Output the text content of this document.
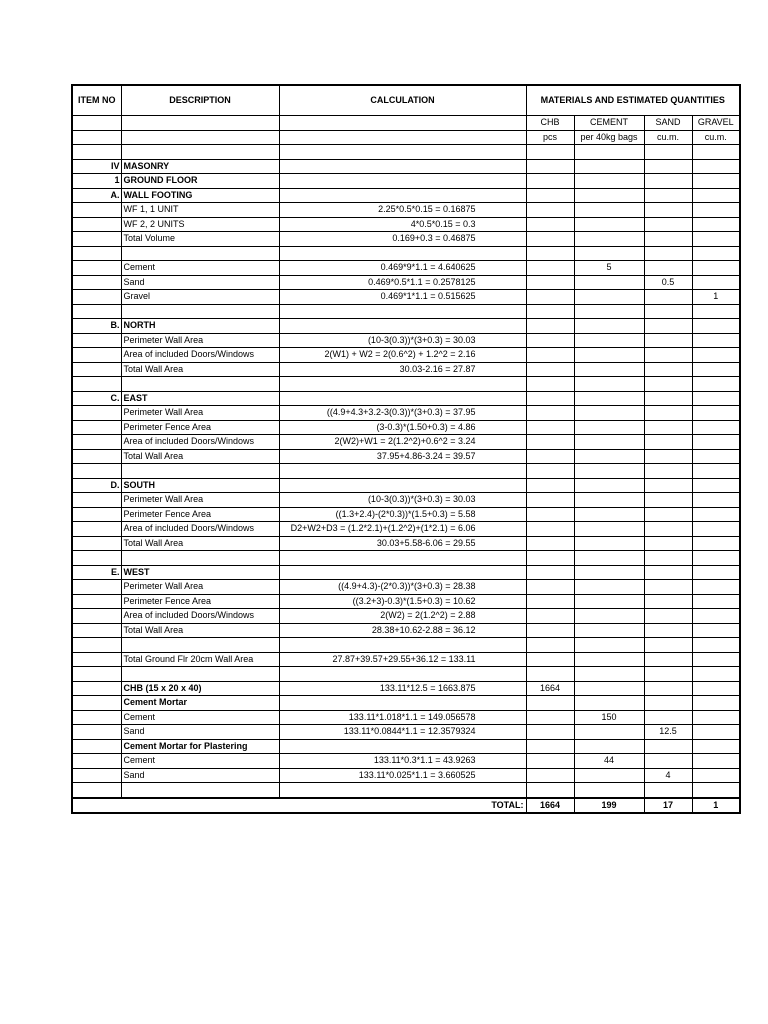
ITEM NO	DESCRIPTION	CALCULATION	MATERIALS AND ESTIMATED QUANTITIES			
			CHB	CEMENT	SAND	GRAVEL
			pcs	per 40kg bags	cu.m.	cu.m.

IV	MASONRY					
1	GROUND FLOOR					
A.	WALL FOOTING					
	WF 1, 1 UNIT	2.25*0.5*0.15 = 0.16875				
	WF 2, 2 UNITS	4*0.5*0.15 = 0.3				
	Total Volume	0.169+0.3 = 0.46875				

	Cement	0.469*9*1.1 = 4.640625		5		
	Sand	0.469*0.5*1.1 = 0.2578125			0.5	
	Gravel	0.469*1*1.1 = 0.515625				1

B.	NORTH					
	Perimeter Wall Area	(10-3(0.3))*(3+0.3) = 30.03				
	Area of included Doors/Windows	2(W1) + W2 = 2(0.6^2) + 1.2^2 = 2.16				
	Total Wall Area	30.03-2.16 = 27.87				

C.	EAST					
	Perimeter Wall Area	((4.9+4.3+3.2-3(0.3))*(3+0.3) = 37.95				
	Perimeter Fence Area	(3-0.3)*(1.50+0.3) = 4.86				
	Area of included Doors/Windows	2(W2)+W1 = 2(1.2^2)+0.6^2 = 3.24				
	Total Wall Area	37.95+4.86-3.24 = 39.57				

D.	SOUTH					
	Perimeter Wall Area	(10-3(0.3))*(3+0.3) = 30.03				
	Perimeter Fence Area	((1.3+2.4)-(2*0.3))*(1.5+0.3) = 5.58				
	Area of included Doors/Windows	D2+W2+D3 = (1.2*2.1)+(1.2^2)+(1*2.1) = 6.06				
	Total Wall Area	30.03+5.58-6.06 = 29.55				

E.	WEST					
	Perimeter Wall Area	((4.9+4.3)-(2*0.3))*(3+0.3) = 28.38				
	Perimeter Fence Area	((3.2+3)-0.3)*(1.5+0.3) = 10.62				
	Area of included Doors/Windows	2(W2) = 2(1.2^2) = 2.88				
	Total Wall Area	28.38+10.62-2.88 = 36.12				

	Total Ground Flr 20cm Wall Area	27.87+39.57+29.55+36.12 = 133.11				

	CHB (15 x 20 x 40)	133.11*12.5 = 1663.875	1664			
	Cement Mortar					
	Cement	133.11*1.018*1.1 = 149.056578		150		
	Sand	133.11*0.0844*1.1 = 12.3579324			12.5	
	Cement Mortar for Plastering					
	Cement	133.11*0.3*1.1 = 43.9263		44		
	Sand	133.11*0.025*1.1 = 3.660525			4	

		TOTAL:	1664	199	17	1
